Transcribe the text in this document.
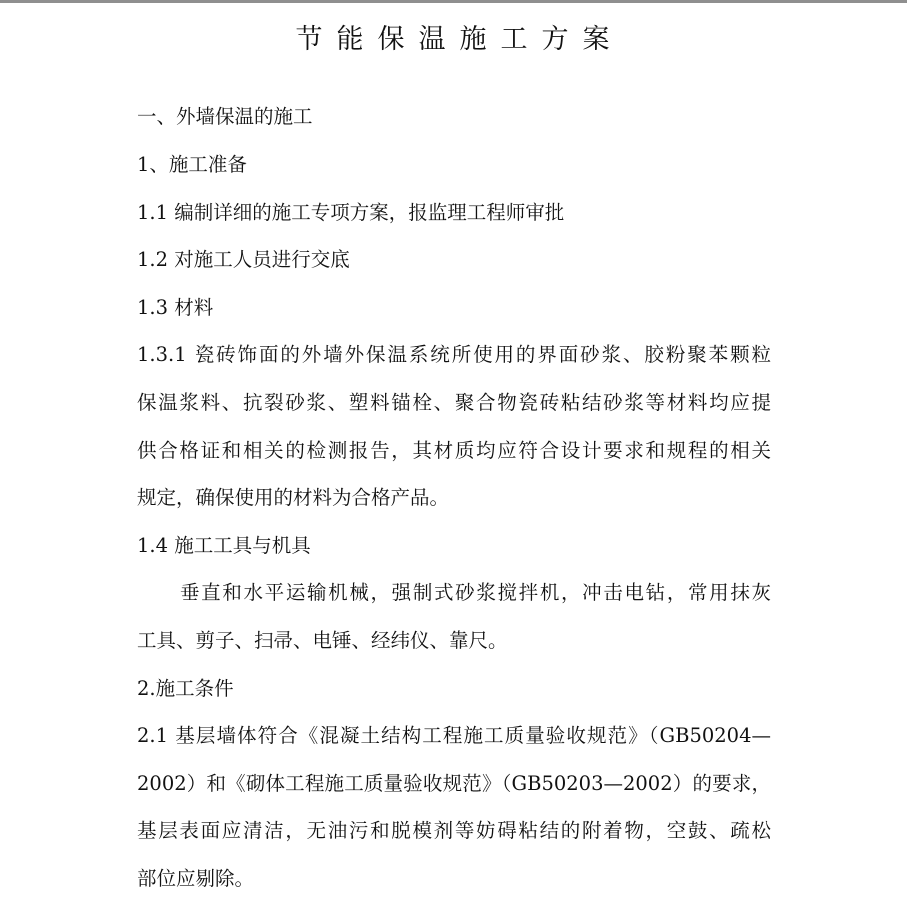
节能保温施工方案
一、外墙保温的施工
1、施工准备
1.1 编制详细的施工专项方案，报监理工程师审批
1.2 对施工人员进行交底
1.3 材料
1.3.1 瓷砖饰面的外墙外保温系统所使用的界面砂浆、胶粉聚苯颗粒
保温浆料、抗裂砂浆、塑料锚栓、聚合物瓷砖粘结砂浆等材料均应提
供合格证和相关的检测报告，其材质均应符合设计要求和规程的相关
规定，确保使用的材料为合格产品。
1.4 施工工具与机具
垂直和水平运输机械，强制式砂浆搅拌机，冲击电钻，常用抹灰
工具、剪子、扫帚、电锤、经纬仪、靠尺。
2.施工条件
2.1 基层墙体符合《混凝土结构工程施工质量验收规范》（GB50204—
2002）和《砌体工程施工质量验收规范》（GB50203—2002）的要求，
基层表面应清洁，无油污和脱模剂等妨碍粘结的附着物，空鼓、疏松
部位应剔除。
